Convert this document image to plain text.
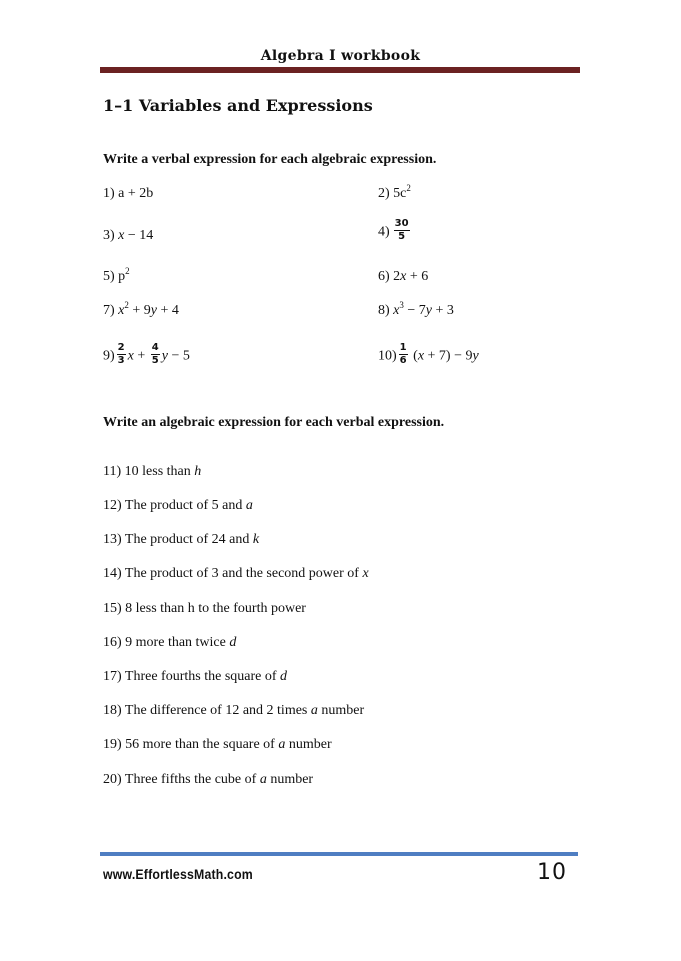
Algebra I workbook
1–1 Variables and Expressions
Write a verbal expression for each algebraic expression.
1) a + 2b
3) x − 14
5) $p^2$
7) $x^2 + 9y + 4$
$9) \frac{2}{3}$ $x + \frac{4}{5}$ y − 5
2) $5c^2$
$4) \frac{30}{5}$
6) 2x + 6
8) $x^3 - 7y + 3$
$10) \frac{1}{6} (x + 7) - 9y$
Write an algebraic expression for each verbal expression.
11) 10 less than h
12) The product of 5 and a
13) The product of 24 and k
14) The product of 3 and the second power of x
15) 8 less than h to the fourth power
16) 9 more than twice d
17) Three fourths the square of d
18) The difference of 12 and 2 times a number
19) 56 more than the square of a number
20) Three fifths the cube of a number
www.EffortlessMath.com	10
